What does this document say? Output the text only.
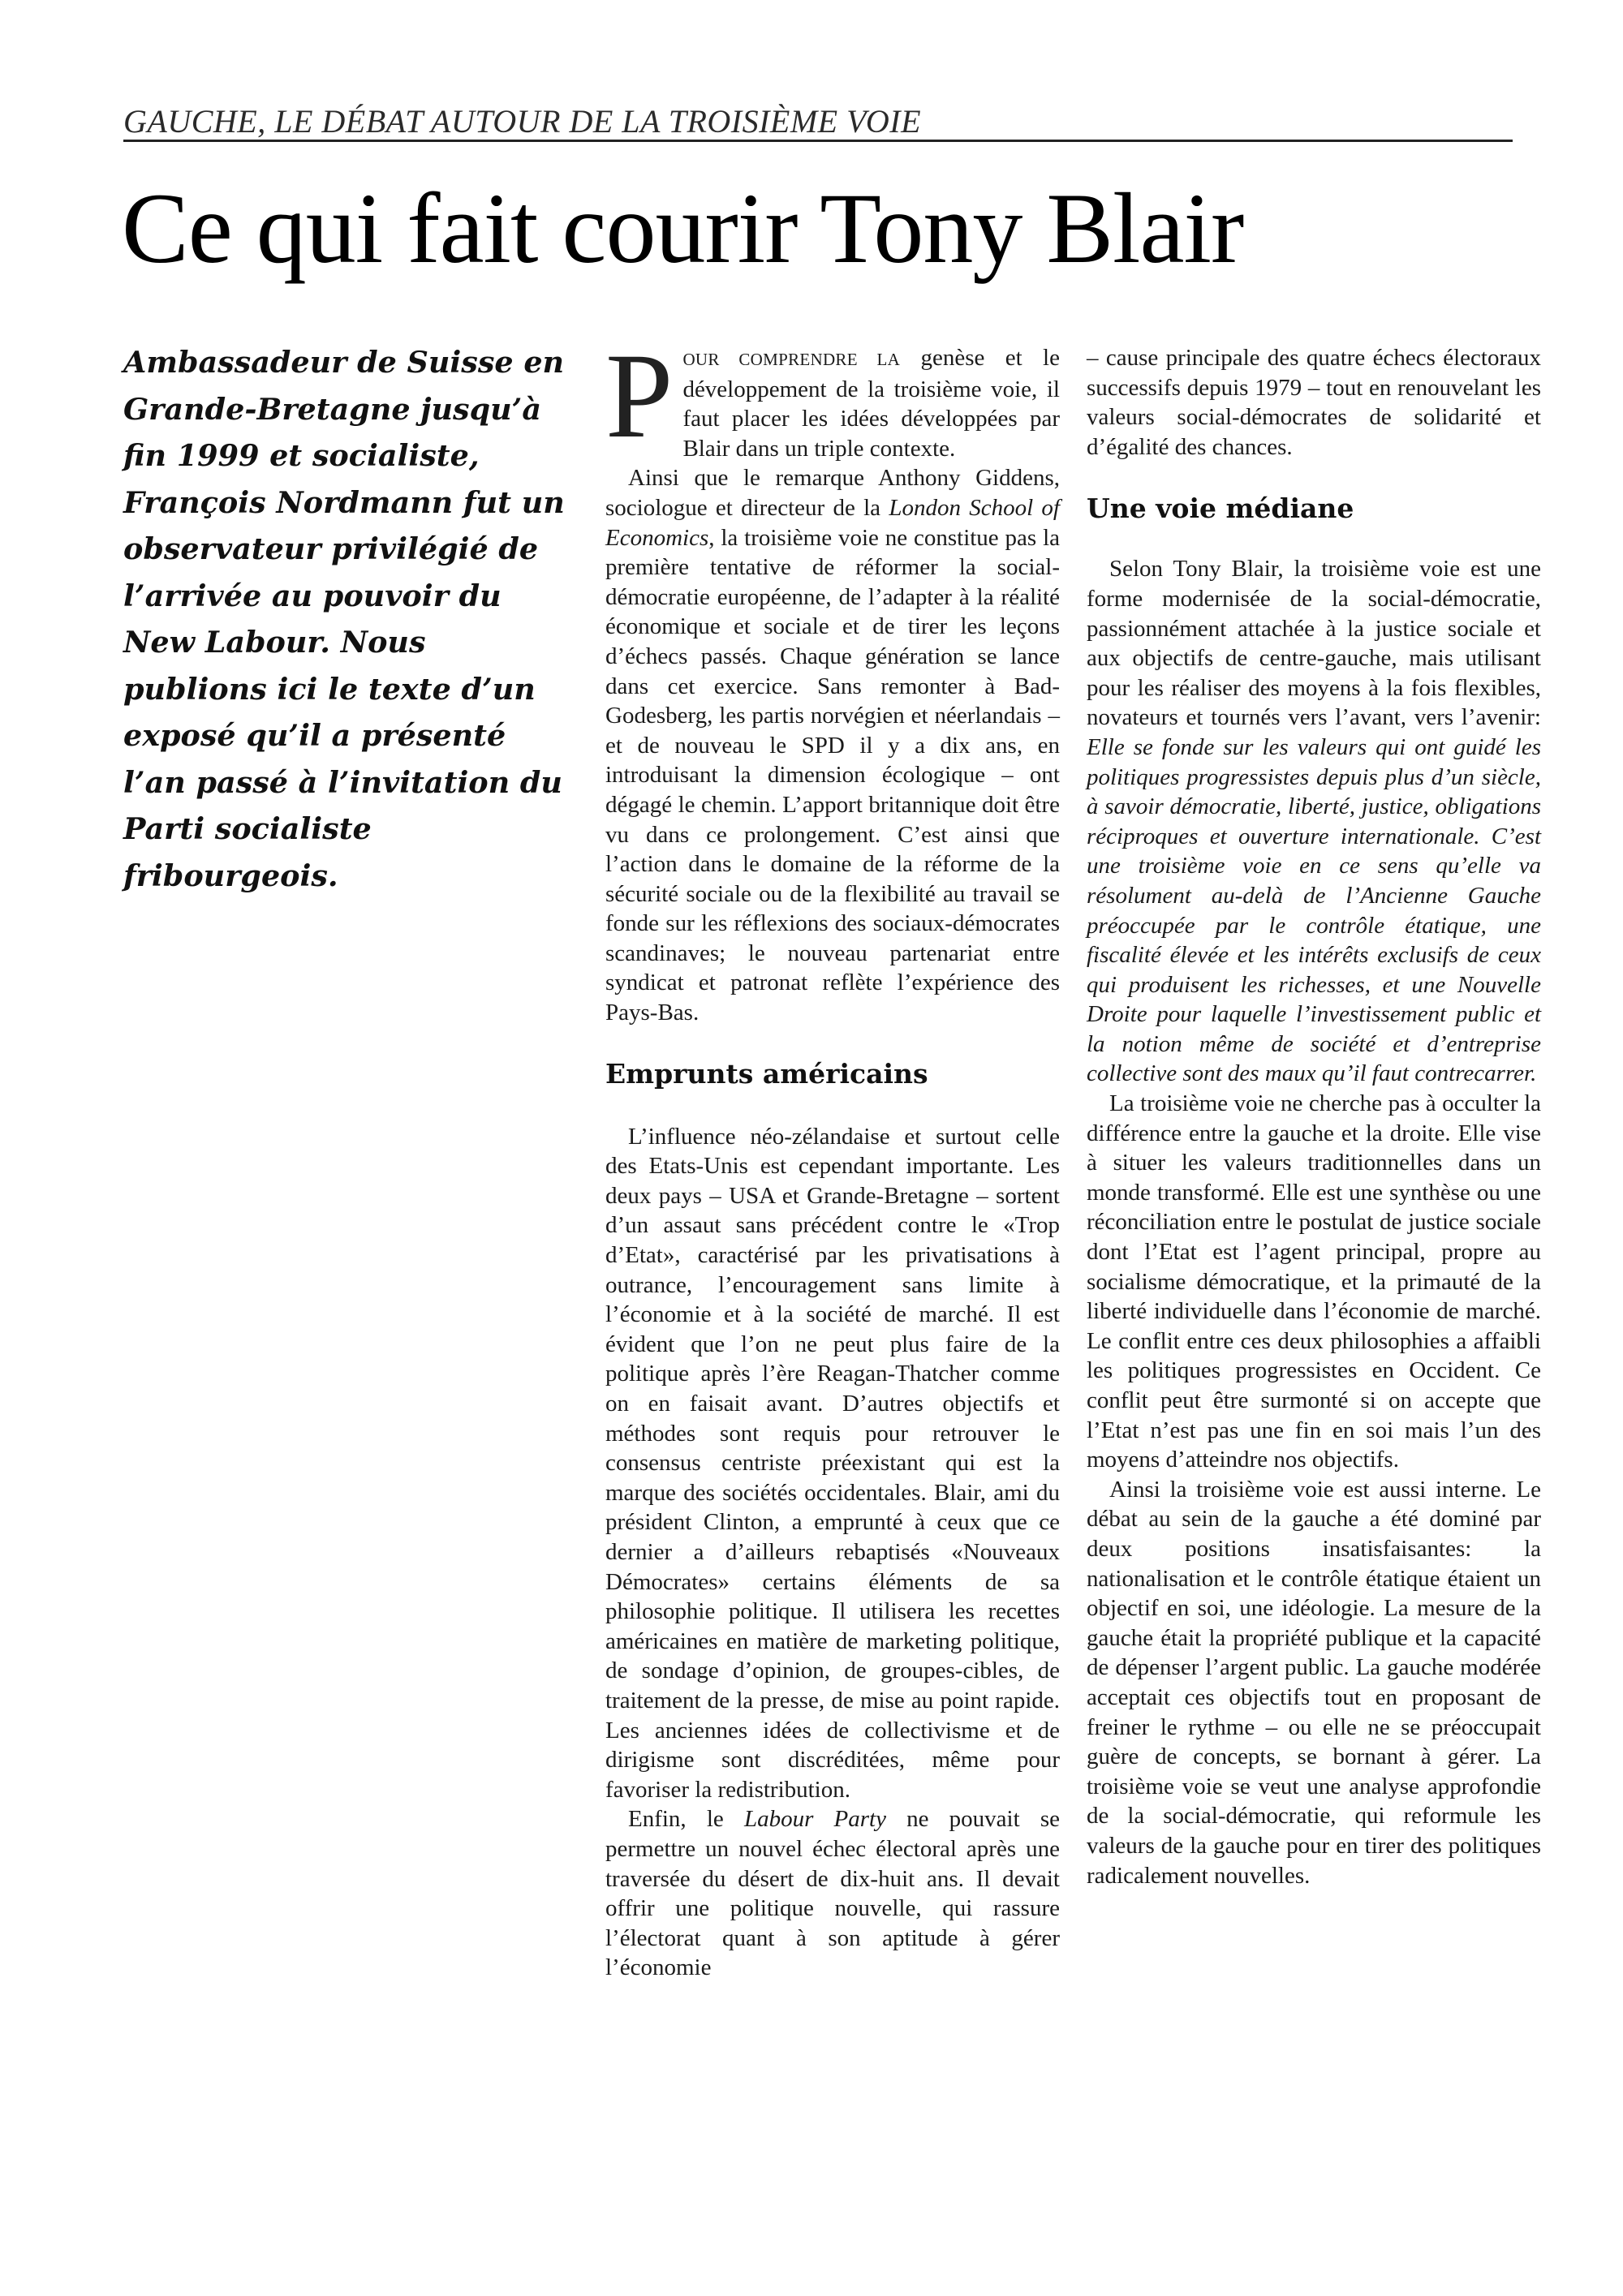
GAUCHE, LE DÉBAT AUTOUR DE LA TROISIÈME VOIE
Ce qui fait courir Tony Blair
Ambassadeur de Suisse en Grande-Bretagne jusqu’à fin 1999 et socialiste, François Nordmann fut un observateur privilégié de l’arrivée au pouvoir du New Labour. Nous publions ici le texte d’un exposé qu’il a présenté l’an passé à l’invitation du Parti socialiste fribourgeois.

POUR COMPRENDRE LA genèse et le développement de la troisième voie, il faut placer les idées développées par Blair dans un triple contexte.

Ainsi que le remarque Anthony Giddens, sociologue et directeur de la London School of Economics, la troisième voie ne constitue pas la première tentative de réformer la social-démocratie européenne, de l’adapter à la réalité économique et sociale et de tirer les leçons d’échecs passés. Chaque génération se lance dans cet exercice. Sans remonter à Bad-Godesberg, les partis norvégien et néerlandais – et de nouveau le SPD il y a dix ans, en introduisant la dimension écologique – ont dégagé le chemin. L’apport britannique doit être vu dans ce prolongement. C’est ainsi que l’action dans le domaine de la réforme de la sécurité sociale ou de la flexibilité au travail se fonde sur les réflexions des sociaux-démocrates scandinaves; le nouveau partenariat entre syndicat et patronat reflète l’expérience des Pays-Bas.

Emprunts américains

L’influence néo-zélandaise et surtout celle des Etats-Unis est cependant importante. Les deux pays – USA et Grande-Bretagne – sortent d’un assaut sans précédent contre le «Trop d’Etat», caractérisé par les privatisations à outrance, l’encouragement sans limite à l’économie et à la société de marché. Il est évident que l’on ne peut plus faire de la politique après l’ère Reagan-Thatcher comme on en faisait avant. D’autres objectifs et méthodes sont requis pour retrouver le consensus centriste préexistant qui est la marque des sociétés occidentales. Blair, ami du président Clinton, a emprunté à ceux que ce dernier a d’ailleurs rebaptisés «Nouveaux Démocrates» certains éléments de sa philosophie politique. Il utilisera les recettes américaines en matière de marketing politique, de sondage d’opinion, de groupes-cibles, de traitement de la presse, de mise au point rapide. Les anciennes idées de collectivisme et de dirigisme sont discréditées, même pour favoriser la redistribution.

Enfin, le Labour Party ne pouvait se permettre un nouvel échec électoral après une traversée du désert de dix-huit ans. Il devait offrir une politique nouvelle, qui rassure l’électorat quant à son aptitude à gérer l’économie

– cause principale des quatre échecs électoraux successifs depuis 1979 – tout en renouvelant les valeurs social-démocrates de solidarité et d’égalité des chances.

Une voie médiane

Selon Tony Blair, la troisième voie est une forme modernisée de la social-démocratie, passionnément attachée à la justice sociale et aux objectifs de centre-gauche, mais utilisant pour les réaliser des moyens à la fois flexibles, novateurs et tournés vers l’avant, vers l’avenir: Elle se fonde sur les valeurs qui ont guidé les politiques progressistes depuis plus d’un siècle, à savoir démocratie, liberté, justice, obligations réciproques et ouverture internationale. C’est une troisième voie en ce sens qu’elle va résolument au-delà de l’Ancienne Gauche préoccupée par le contrôle étatique, une fiscalité élevée et les intérêts exclusifs de ceux qui produisent les richesses, et une Nouvelle Droite pour laquelle l’investissement public et la notion même de société et d’entreprise collective sont des maux qu’il faut contrecarrer.

La troisième voie ne cherche pas à occulter la différence entre la gauche et la droite. Elle vise à situer les valeurs traditionnelles dans un monde transformé. Elle est une synthèse ou une réconciliation entre le postulat de justice sociale dont l’Etat est l’agent principal, propre au socialisme démocratique, et la primauté de la liberté individuelle dans l’économie de marché. Le conflit entre ces deux philosophies a affaibli les politiques progressistes en Occident. Ce conflit peut être surmonté si on accepte que l’Etat n’est pas une fin en soi mais l’un des moyens d’atteindre nos objectifs.

Ainsi la troisième voie est aussi interne. Le débat au sein de la gauche a été dominé par deux positions insatisfaisantes: la nationalisation et le contrôle étatique étaient un objectif en soi, une idéologie. La mesure de la gauche était la propriété publique et la capacité de dépenser l’argent public. La gauche modérée acceptait ces objectifs tout en proposant de freiner le rythme – ou elle ne se préoccupait guère de concepts, se bornant à gérer. La troisième voie se veut une analyse approfondie de la social-démocratie, qui reformule les valeurs de la gauche pour en tirer des politiques radicalement nouvelles.
